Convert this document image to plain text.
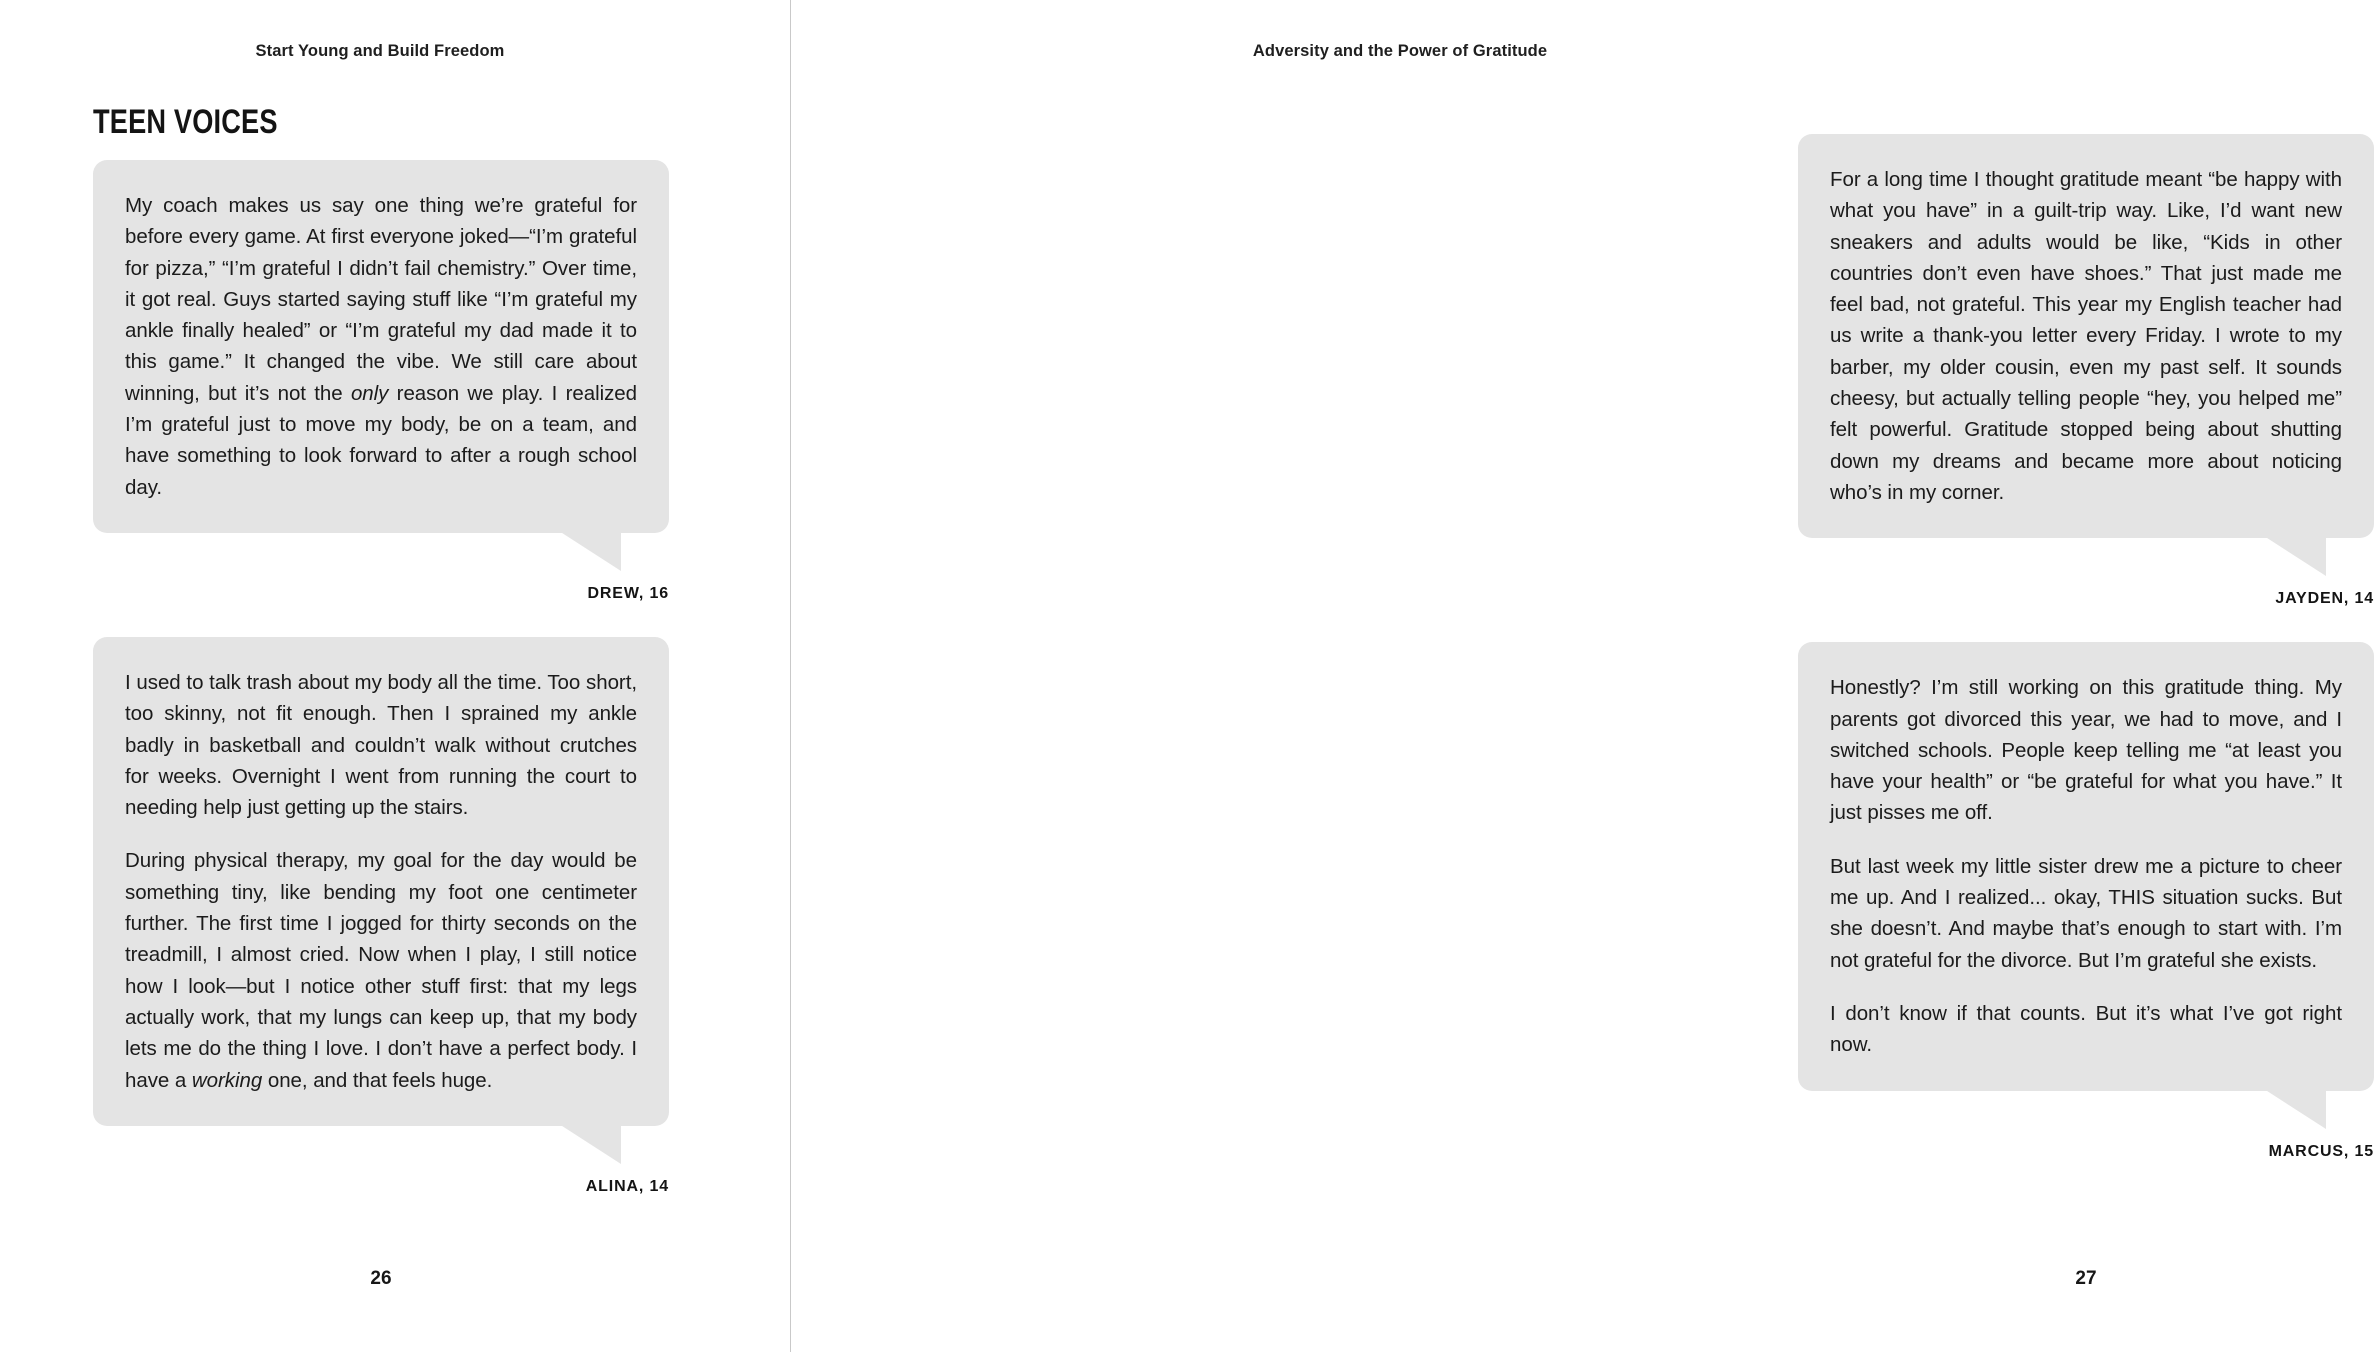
Start Young and Build Freedom
TEEN VOICES

My coach makes us say one thing we’re grateful for before every game. At first everyone joked—“I’m grateful for pizza,” “I’m grateful I didn’t fail chemistry.” Over time, it got real. Guys started saying stuff like “I’m grateful my ankle finally healed” or “I’m grateful my dad made it to this game.” It changed the vibe. We still care about winning, but it’s not the only reason we play. I realized I’m grateful just to move my body, be on a team, and have something to look forward to after a rough school day.

DREW, 16

I used to talk trash about my body all the time. Too short, too skinny, not fit enough. Then I sprained my ankle badly in basketball and couldn’t walk without crutches for weeks. Overnight I went from running the court to needing help just getting up the stairs.

During physical therapy, my goal for the day would be something tiny, like bending my foot one centimeter further. The first time I jogged for thirty seconds on the treadmill, I almost cried. Now when I play, I still notice how I look—but I notice other stuff first: that my legs actually work, that my lungs can keep up, that my body lets me do the thing I love. I don’t have a perfect body. I have a working one, and that feels huge.

ALINA, 14
26
Adversity and the Power of Gratitude

For a long time I thought gratitude meant “be happy with what you have” in a guilt-trip way. Like, I’d want new sneakers and adults would be like, “Kids in other countries don’t even have shoes.” That just made me feel bad, not grateful. This year my English teacher had us write a thank-you letter every Friday. I wrote to my barber, my older cousin, even my past self. It sounds cheesy, but actually telling people “hey, you helped me” felt powerful. Gratitude stopped being about shutting down my dreams and became more about noticing who’s in my corner.

JAYDEN, 14

Honestly? I’m still working on this gratitude thing. My parents got divorced this year, we had to move, and I switched schools. People keep telling me “at least you have your health” or “be grateful for what you have.” It just pisses me off.

But last week my little sister drew me a picture to cheer me up. And I realized... okay, THIS situation sucks. But she doesn’t. And maybe that’s enough to start with. I’m not grateful for the divorce. But I’m grateful she exists.

I don’t know if that counts. But it’s what I’ve got right now.

MARCUS, 15
27
